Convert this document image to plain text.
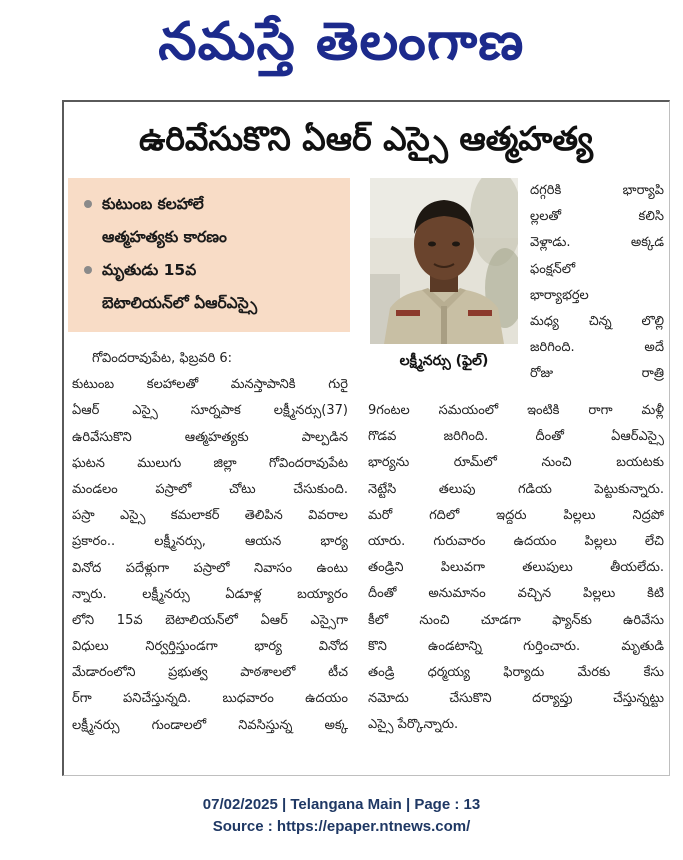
నమస్తే తెలంగాణ
ఉరివేసుకొని ఏఆర్ ఎస్సై ఆత్మహత్య
కుటుంబ కలహాలే
ఆత్మహత్యకు కారణం
మృతుడు 15వ
బెటాలియన్‌లో ఏఆర్ఎస్సై
గోవిందరావుపేట, ఫిబ్రవరి 6:
కుటుంబ కలహాలతో మనస్తాపానికి గురై
ఏఆర్ ఎస్సై సూర్నపాక లక్ష్మీనర్సు(37)
ఉరివేసుకొని ఆత్మహత్యకు పాల్పడిన
ఘటన ములుగు జిల్లా గోవిందరావుపేట
మండలం పస్రాలో చోటు చేసుకుంది.
పస్రా ఎస్సై కమలాకర్ తెలిపిన వివరాల
ప్రకారం.. లక్ష్మీనర్సు, ఆయన భార్య
వినోద పదేళ్లుగా పస్రాలో నివాసం ఉంటు
న్నారు. లక్ష్మీనర్సు ఏడూళ్ల బయ్యారం
లోని 15వ బెటాలియన్‌లో ఏఆర్ ఎస్సైగా
విధులు నిర్వర్తిస్తుండగా భార్య వినోద
మేడారంలోని ప్రభుత్వ పాఠశాలలో టీచ
ర్‌గా పనిచేస్తున్నది. బుధవారం ఉదయం
లక్ష్మీనర్సు గుండాలలో నివసిస్తున్న అక్క
లక్ష్మీనర్సు (ఫైల్)
దగ్గరికి భార్యాపి
ల్లలతో కలిసి
వెళ్లాడు. అక్కడ
ఫంక్షన్‌లో
భార్యాభర్తల
మధ్య చిన్న లొల్లి
జరిగింది. అదే
రోజు రాత్రి
9గంటల సమయంలో ఇంటికి రాగా మళ్లీ
గొడవ జరిగింది. దీంతో ఏఆర్ఎస్సై
భార్యను రూమ్‌లో నుంచి బయటకు
నెట్టేసి తలుపు గడియ పెట్టుకున్నారు.
మరో గదిలో ఇద్దరు పిల్లలు నిద్రపో
యారు. గురువారం ఉదయం పిల్లలు లేచి
తండ్రిని పిలువగా తలుపులు తీయలేదు.
దీంతో అనుమానం వచ్చిన పిల్లలు కిటి
కీలో నుంచి చూడగా ఫ్యాన్‌కు ఉరివేసు
కొని ఉండటాన్ని గుర్తించారు. మృతుడి
తండ్రి ధర్మయ్య ఫిర్యాదు మేరకు కేసు
నమోదు చేసుకొని దర్యాప్తు చేస్తున్నట్టు
ఎస్సై పేర్కొన్నారు.
07/02/2025 | Telangana Main | Page : 13
Source : https://epaper.ntnews.com/
